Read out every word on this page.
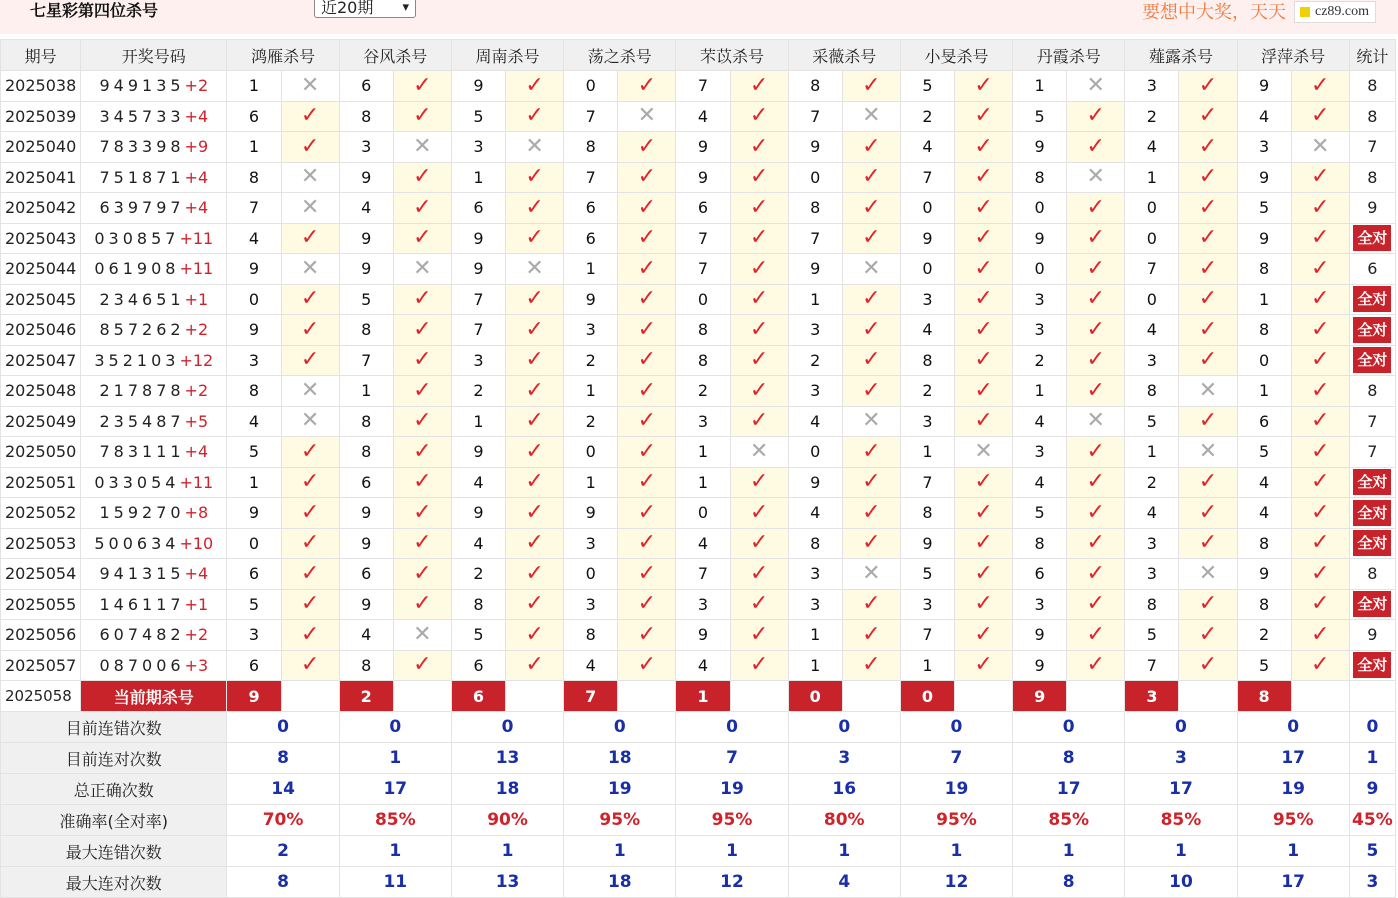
七星彩第四位杀号	近20期 ▾	要想中大奖，天天	cz89.com
期号	开奖号码	鸿雁杀号		谷风杀号		周南杀号		荡之杀号		芣苡杀号		采薇杀号		小旻杀号		丹霞杀号		薤露杀号		浮萍杀号		统计
2025038	949135+2	1	✕	6	✓	9	✓	0	✓	7	✓	8	✓	5	✓	1	✕	3	✓	9	✓	8
2025039	345733+4	6	✓	8	✓	5	✓	7	✕	4	✓	7	✕	2	✓	5	✓	2	✓	4	✓	8
2025040	783398+9	1	✓	3	✕	3	✕	8	✓	9	✓	9	✓	4	✓	9	✓	4	✓	3	✕	7
2025041	751871+4	8	✕	9	✓	1	✓	7	✓	9	✓	0	✓	7	✓	8	✕	1	✓	9	✓	8
2025042	639797+4	7	✕	4	✓	6	✓	6	✓	6	✓	8	✓	0	✓	0	✓	0	✓	5	✓	9
2025043	030857+11	4	✓	9	✓	9	✓	6	✓	7	✓	7	✓	9	✓	9	✓	0	✓	9	✓	全对
2025044	061908+11	9	✕	9	✕	9	✕	1	✓	7	✓	9	✕	0	✓	0	✓	7	✓	8	✓	6
2025045	234651+1	0	✓	5	✓	7	✓	9	✓	0	✓	1	✓	3	✓	3	✓	0	✓	1	✓	全对
2025046	857262+2	9	✓	8	✓	7	✓	3	✓	8	✓	3	✓	4	✓	3	✓	4	✓	8	✓	全对
2025047	352103+12	3	✓	7	✓	3	✓	2	✓	8	✓	2	✓	8	✓	2	✓	3	✓	0	✓	全对
2025048	217878+2	8	✕	1	✓	2	✓	1	✓	2	✓	3	✓	2	✓	1	✓	8	✕	1	✓	8
2025049	235487+5	4	✕	8	✓	1	✓	2	✓	3	✓	4	✕	3	✓	4	✕	5	✓	6	✓	7
2025050	783111+4	5	✓	8	✓	9	✓	0	✓	1	✕	0	✓	1	✕	3	✓	1	✕	5	✓	7
2025051	033054+11	1	✓	6	✓	4	✓	1	✓	1	✓	9	✓	7	✓	4	✓	2	✓	4	✓	全对
2025052	159270+8	9	✓	9	✓	9	✓	9	✓	0	✓	4	✓	8	✓	5	✓	4	✓	4	✓	全对
2025053	500634+10	0	✓	9	✓	4	✓	3	✓	4	✓	8	✓	9	✓	8	✓	3	✓	8	✓	全对
2025054	941315+4	6	✓	6	✓	2	✓	0	✓	7	✓	3	✕	5	✓	6	✓	3	✕	9	✓	8
2025055	146117+1	5	✓	9	✓	8	✓	3	✓	3	✓	3	✓	3	✓	3	✓	8	✓	8	✓	全对
2025056	607482+2	3	✓	4	✕	5	✓	8	✓	9	✓	1	✓	7	✓	9	✓	5	✓	2	✓	9
2025057	087006+3	6	✓	8	✓	6	✓	4	✓	4	✓	1	✓	1	✓	9	✓	7	✓	5	✓	全对
2025058	当前期杀号	9		2		6		7		1		0		0		9		3		8		
目前连错次数		0		0		0		0		0		0		0		0		0		0		0
目前连对次数		8		1		13		18		7		3		7		8		3		17		1
总正确次数		14		17		18		19		19		16		19		17		17		19		9
准确率(全对率)		70%		85%		90%		95%		95%		80%		95%		85%		85%		95%		45%
最大连错次数		2		1		1		1		1		1		1		1		1		1		5
最大连对次数		8		11		13		18		12		4		12		8		10		17		3
